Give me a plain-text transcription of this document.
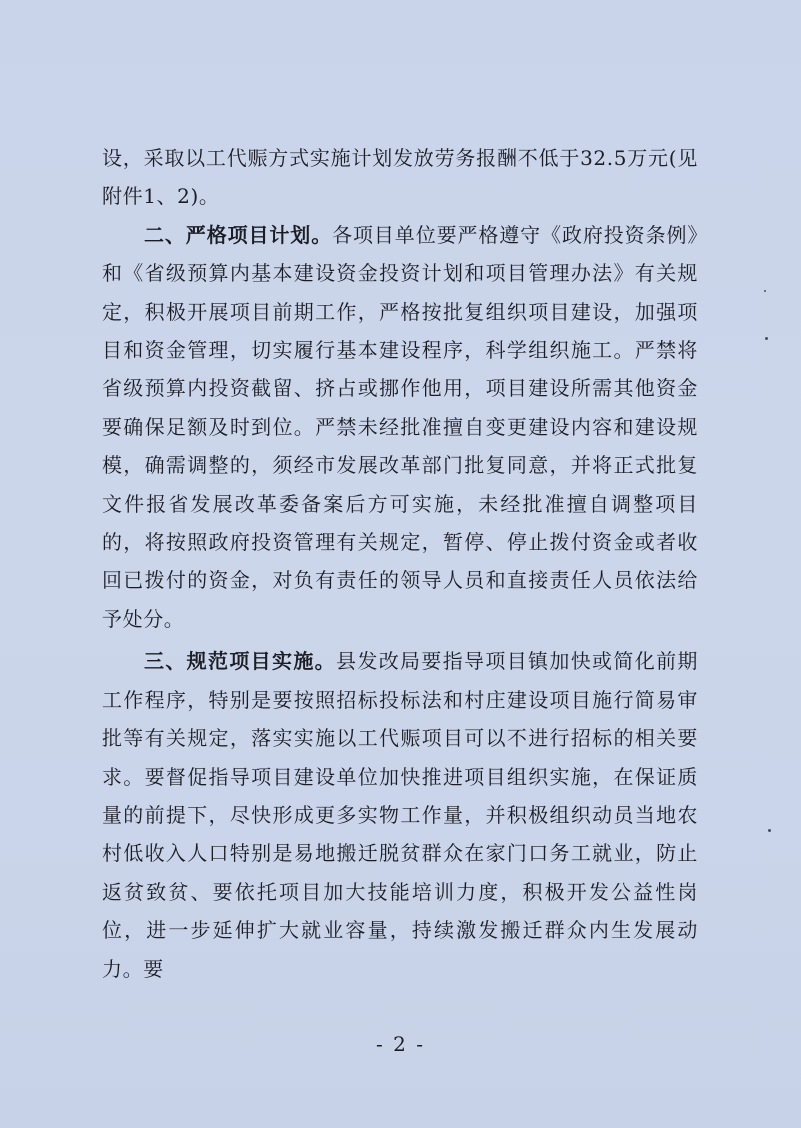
设，采取以工代赈方式实施计划发放劳务报酬不低于32.5万元(见附件1、2)。

二、严格项目计划。各项目单位要严格遵守《政府投资条例》和《省级预算内基本建设资金投资计划和项目管理办法》有关规定，积极开展项目前期工作，严格按批复组织项目建设，加强项目和资金管理，切实履行基本建设程序，科学组织施工。严禁将省级预算内投资截留、挤占或挪作他用，项目建设所需其他资金要确保足额及时到位。严禁未经批准擅自变更建设内容和建设规模，确需调整的，须经市发展改革部门批复同意，并将正式批复文件报省发展改革委备案后方可实施，未经批准擅自调整项目的，将按照政府投资管理有关规定，暂停、停止拨付资金或者收回已拨付的资金，对负有责任的领导人员和直接责任人员依法给予处分。

三、规范项目实施。县发改局要指导项目镇加快或简化前期工作程序，特别是要按照招标投标法和村庄建设项目施行简易审批等有关规定，落实实施以工代赈项目可以不进行招标的相关要求。要督促指导项目建设单位加快推进项目组织实施，在保证质量的前提下，尽快形成更多实物工作量，并积极组织动员当地农村低收入人口特别是易地搬迁脱贫群众在家门口务工就业，防止返贫致贫、要依托项目加大技能培训力度，积极开发公益性岗位，进一步延伸扩大就业容量，持续激发搬迁群众内生发展动力。要

- 2 -
